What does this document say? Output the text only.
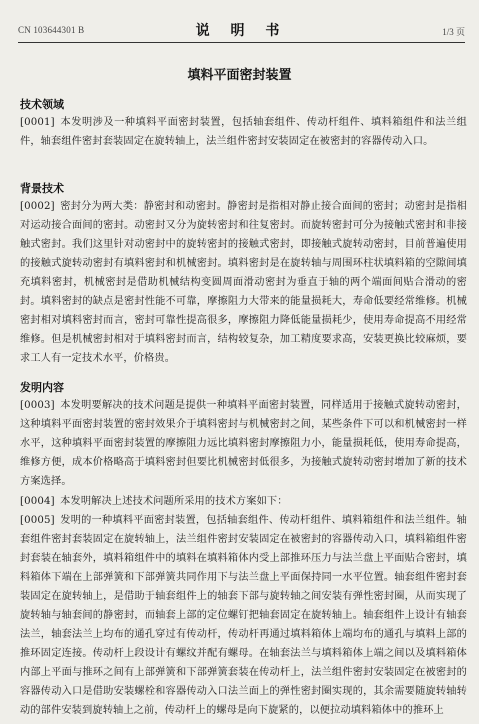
CN 103644301 B	说 明 书	1/3 页
填料平面密封装置
技术领域
[0001] 本发明涉及一种填料平面密封装置，包括轴套组件、传动杆组件、填料箱组件和法兰组件，轴套组件密封套装固定在旋转轴上，法兰组件密封安装固定在被密封的容器传动入口。
背景技术
[0002] 密封分为两大类：静密封和动密封。静密封是指相对静止接合面间的密封；动密封是指相对运动接合面间的密封。动密封又分为旋转密封和往复密封。而旋转密封可分为接触式密封和非接触式密封。我们这里针对动密封中的旋转密封的接触式密封，即接触式旋转动密封，目前普遍使用的接触式旋转动密封有填料密封和机械密封。填料密封是在旋转轴与周围环柱状填料箱的空隙间填充填料密封，机械密封是借助机械结构变圆周面滑动密封为垂直于轴的两个端面间贴合滑动的密封。填料密封的缺点是密封性能不可靠，摩擦阻力大带来的能量损耗大，寿命低要经常维修。机械密封相对填料密封而言，密封可靠性提高很多，摩擦阻力降低能量损耗少，使用寿命提高不用经常维修。但是机械密封相对于填料密封而言，结构较复杂，加工精度要求高，安装更换比较麻烦，要求工人有一定技术水平，价格贵。
发明内容
[0003] 本发明要解决的技术问题是提供一种填料平面密封装置，同样适用于接触式旋转动密封，这种填料平面密封装置的密封效果介于填料密封与机械密封之间，某些条件下可以和机械密封一样水平，这种填料平面密封装置的摩擦阻力远比填料密封摩擦阻力小，能量损耗低，使用寿命提高，维修方便，成本价格略高于填料密封但要比机械密封低很多，为接触式旋转动密封增加了新的技术方案选择。
[0004] 本发明解决上述技术问题所采用的技术方案如下：
[0005] 发明的一种填料平面密封装置，包括轴套组件、传动杆组件、填料箱组件和法兰组件。轴套组件密封套装固定在旋转轴上，法兰组件密封安装固定在被密封的容器传动入口，填料箱组件密封套装在轴套外，填料箱组件中的填料在填料箱体内受上部推环压力与法兰盘上平面贴合密封，填料箱体下端在上部弹簧和下部弹簧共同作用下与法兰盘上平面保持同一水平位置。轴套组件密封套装固定在旋转轴上，是借助于轴套组件上的轴套下部与旋转轴之间安装有弹性密封圈，从而实现了旋转轴与轴套间的静密封，而轴套上部的定位螺钉把轴套固定在旋转轴上。轴套组件上设计有轴套法兰，轴套法兰上均布的通孔穿过有传动杆，传动杆再通过填料箱体上端均布的通孔与填料上部的推环固定连接。传动杆上段设计有螺纹并配有螺母。在轴套法兰与填料箱体上端之间以及填料箱体内部上平面与推环之间有上部弹簧和下部弹簧套装在传动杆上，法兰组件密封安装固定在被密封的容器传动入口是借助安装螺栓和容器传动入口法兰面上的弹性密封圈实现的，其余需要随旋转轴转动的部件安装到旋转轴上之前，传动杆上的螺母是向下旋紧的，以便拉动填料箱体中的推环上
